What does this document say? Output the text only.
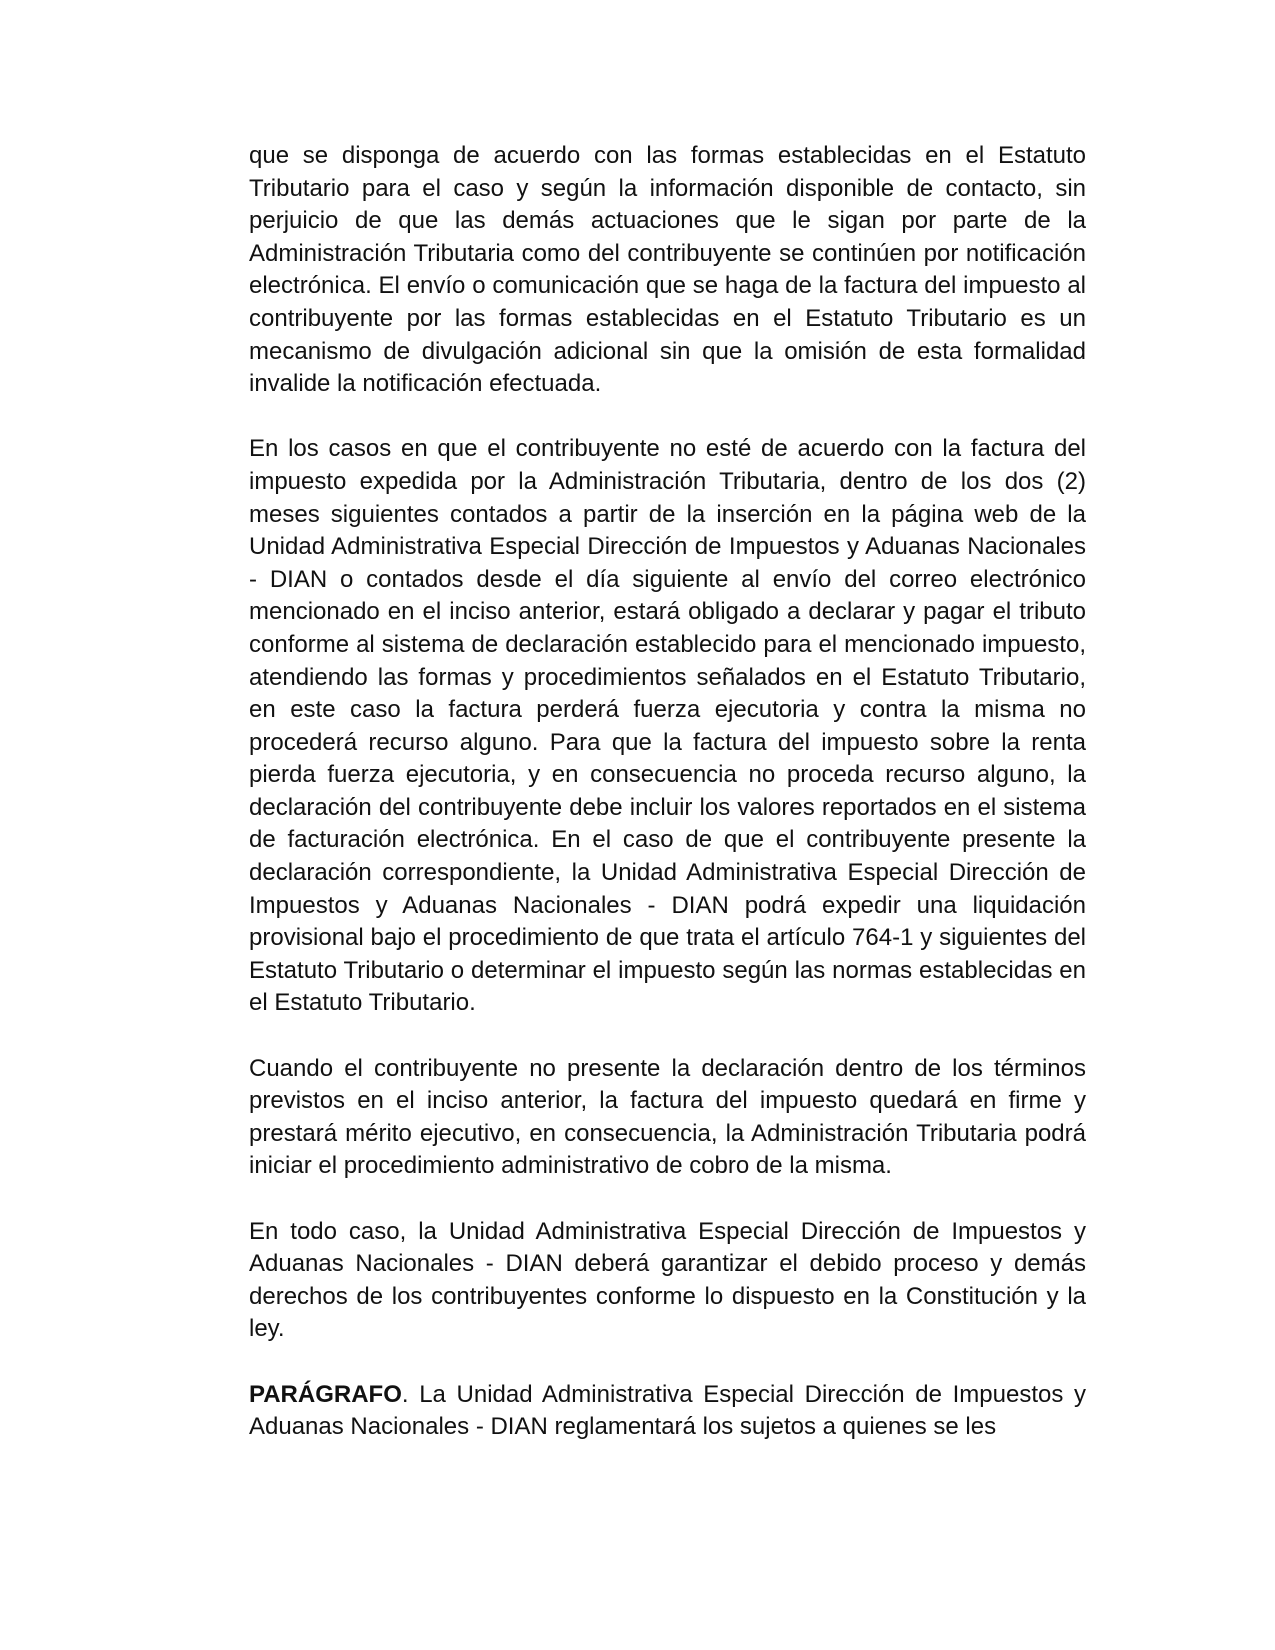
que se disponga de acuerdo con las formas establecidas en el Estatuto Tributario para el caso y según la información disponible de contacto, sin perjuicio de que las demás actuaciones que le sigan por parte de la Administración Tributaria como del contribuyente se continúen por notificación electrónica. El envío o comunicación que se haga de la factura del impuesto al contribuyente por las formas establecidas en el Estatuto Tributario es un mecanismo de divulgación adicional sin que la omisión de esta formalidad invalide la notificación efectuada.

En los casos en que el contribuyente no esté de acuerdo con la factura del impuesto expedida por la Administración Tributaria, dentro de los dos (2) meses siguientes contados a partir de la inserción en la página web de la Unidad Administrativa Especial Dirección de Impuestos y Aduanas Nacionales - DIAN o contados desde el día siguiente al envío del correo electrónico mencionado en el inciso anterior, estará obligado a declarar y pagar el tributo conforme al sistema de declaración establecido para el mencionado impuesto, atendiendo las formas y procedimientos señalados en el Estatuto Tributario, en este caso la factura perderá fuerza ejecutoria y contra la misma no procederá recurso alguno. Para que la factura del impuesto sobre la renta pierda fuerza ejecutoria, y en consecuencia no proceda recurso alguno, la declaración del contribuyente debe incluir los valores reportados en el sistema de facturación electrónica. En el caso de que el contribuyente presente la declaración correspondiente, la Unidad Administrativa Especial Dirección de Impuestos y Aduanas Nacionales - DIAN podrá expedir una liquidación provisional bajo el procedimiento de que trata el artículo 764-1 y siguientes del Estatuto Tributario o determinar el impuesto según las normas establecidas en el Estatuto Tributario.

Cuando el contribuyente no presente la declaración dentro de los términos previstos en el inciso anterior, la factura del impuesto quedará en firme y prestará mérito ejecutivo, en consecuencia, la Administración Tributaria podrá iniciar el procedimiento administrativo de cobro de la misma.

En todo caso, la Unidad Administrativa Especial Dirección de Impuestos y Aduanas Nacionales - DIAN deberá garantizar el debido proceso y demás derechos de los contribuyentes conforme lo dispuesto en la Constitución y la ley.

PARÁGRAFO. La Unidad Administrativa Especial Dirección de Impuestos y Aduanas Nacionales - DIAN reglamentará los sujetos a quienes se les
